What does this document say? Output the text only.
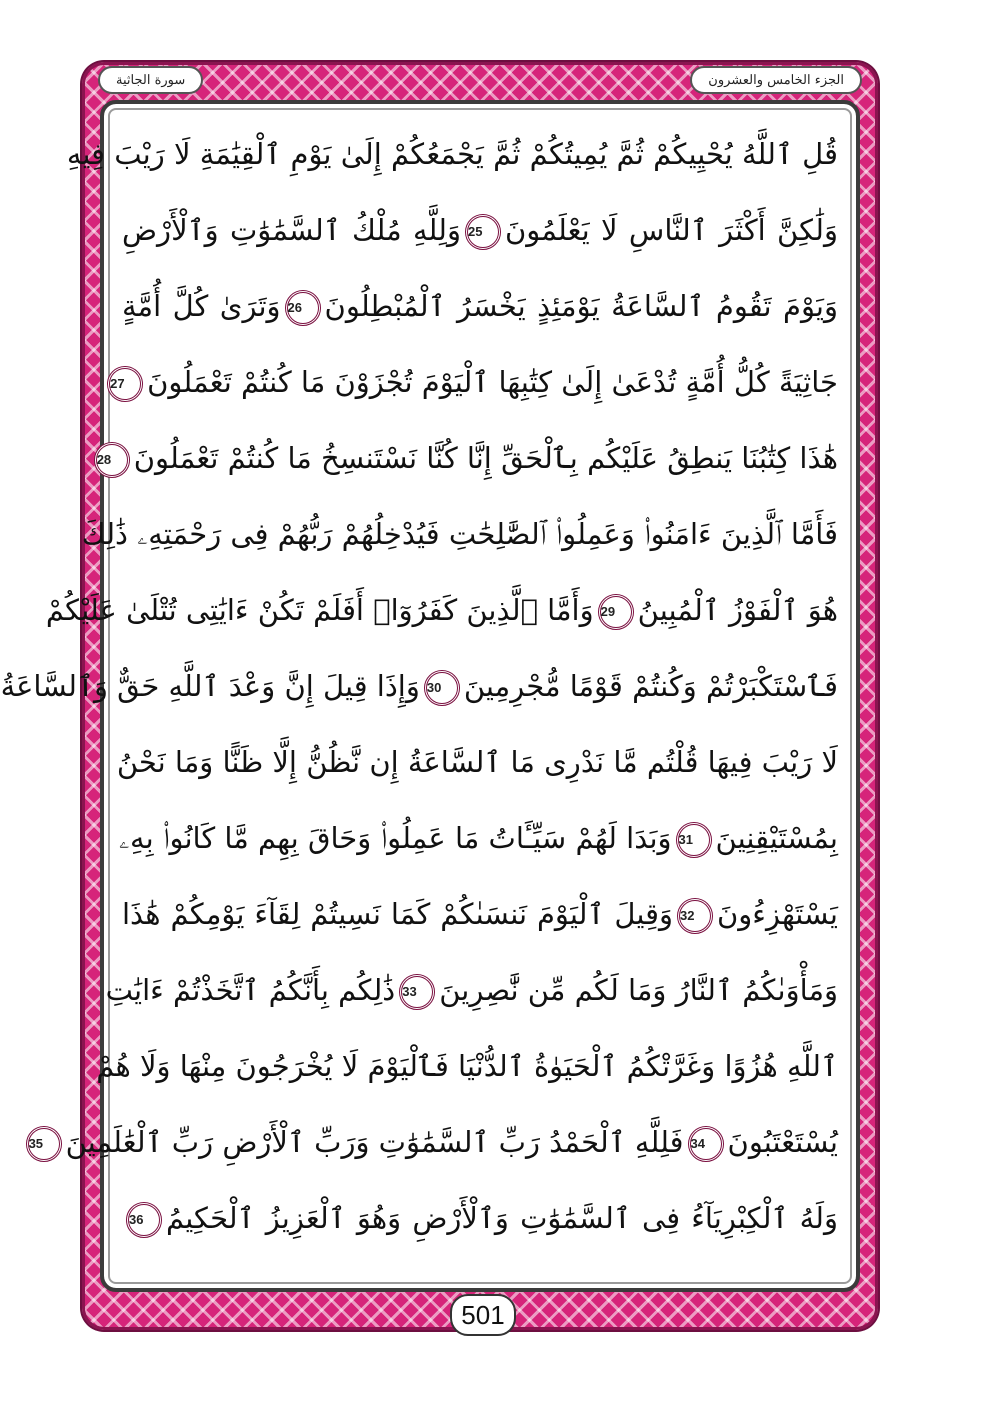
سورة الجاثية	الجزء الخامس والعشرون
قُلِ ٱللَّهُ يُحْيِيكُمْ ثُمَّ يُمِيتُكُمْ ثُمَّ يَجْمَعُكُمْ إِلَىٰ يَوْمِ ٱلْقِيَٰمَةِ لَا رَيْبَ فِيهِ
وَلَٰكِنَّ أَكْثَرَ ٱلنَّاسِ لَا يَعْلَمُونَ25وَلِلَّهِ مُلْكُ ٱلسَّمَٰوَٰتِ وَٱلْأَرْضِ
وَيَوْمَ تَقُومُ ٱلسَّاعَةُ يَوْمَئِذٍ يَخْسَرُ ٱلْمُبْطِلُونَ26وَتَرَىٰ كُلَّ أُمَّةٍ
جَاثِيَةً كُلُّ أُمَّةٍ تُدْعَىٰ إِلَىٰ كِتَٰبِهَا ٱلْيَوْمَ تُجْزَوْنَ مَا كُنتُمْ تَعْمَلُونَ27
هَٰذَا كِتَٰبُنَا يَنطِقُ عَلَيْكُم بِٱلْحَقِّ إِنَّا كُنَّا نَسْتَنسِخُ مَا كُنتُمْ تَعْمَلُونَ28
فَأَمَّا ٱلَّذِينَ ءَامَنُوا۟ وَعَمِلُوا۟ ٱلصَّٰلِحَٰتِ فَيُدْخِلُهُمْ رَبُّهُمْ فِى رَحْمَتِهِۦ ذَٰلِكَ
هُوَ ٱلْفَوْزُ ٱلْمُبِينُ29وَأَمَّا ٱلَّذِينَ كَفَرُوٓا۟ أَفَلَمْ تَكُنْ ءَايَٰتِى تُتْلَىٰ عَلَيْكُمْ
فَٱسْتَكْبَرْتُمْ وَكُنتُمْ قَوْمًا مُّجْرِمِينَ30وَإِذَا قِيلَ إِنَّ وَعْدَ ٱللَّهِ حَقٌّ وَٱلسَّاعَةُ
لَا رَيْبَ فِيهَا قُلْتُم مَّا نَدْرِى مَا ٱلسَّاعَةُ إِن نَّظُنُّ إِلَّا ظَنًّا وَمَا نَحْنُ
بِمُسْتَيْقِنِينَ31وَبَدَا لَهُمْ سَيِّـَٔاتُ مَا عَمِلُوا۟ وَحَاقَ بِهِم مَّا كَانُوا۟ بِهِۦ
يَسْتَهْزِءُونَ32وَقِيلَ ٱلْيَوْمَ نَنسَىٰكُمْ كَمَا نَسِيتُمْ لِقَآءَ يَوْمِكُمْ هَٰذَا
وَمَأْوَىٰكُمُ ٱلنَّارُ وَمَا لَكُم مِّن نَّٰصِرِينَ33ذَٰلِكُم بِأَنَّكُمُ ٱتَّخَذْتُمْ ءَايَٰتِ
ٱللَّهِ هُزُوًا وَغَرَّتْكُمُ ٱلْحَيَوٰةُ ٱلدُّنْيَا فَٱلْيَوْمَ لَا يُخْرَجُونَ مِنْهَا وَلَا هُمْ
يُسْتَعْتَبُونَ34فَلِلَّهِ ٱلْحَمْدُ رَبِّ ٱلسَّمَٰوَٰتِ وَرَبِّ ٱلْأَرْضِ رَبِّ ٱلْعَٰلَمِينَ35
وَلَهُ ٱلْكِبْرِيَآءُ فِى ٱلسَّمَٰوَٰتِ وَٱلْأَرْضِ وَهُوَ ٱلْعَزِيزُ ٱلْحَكِيمُ36
501
